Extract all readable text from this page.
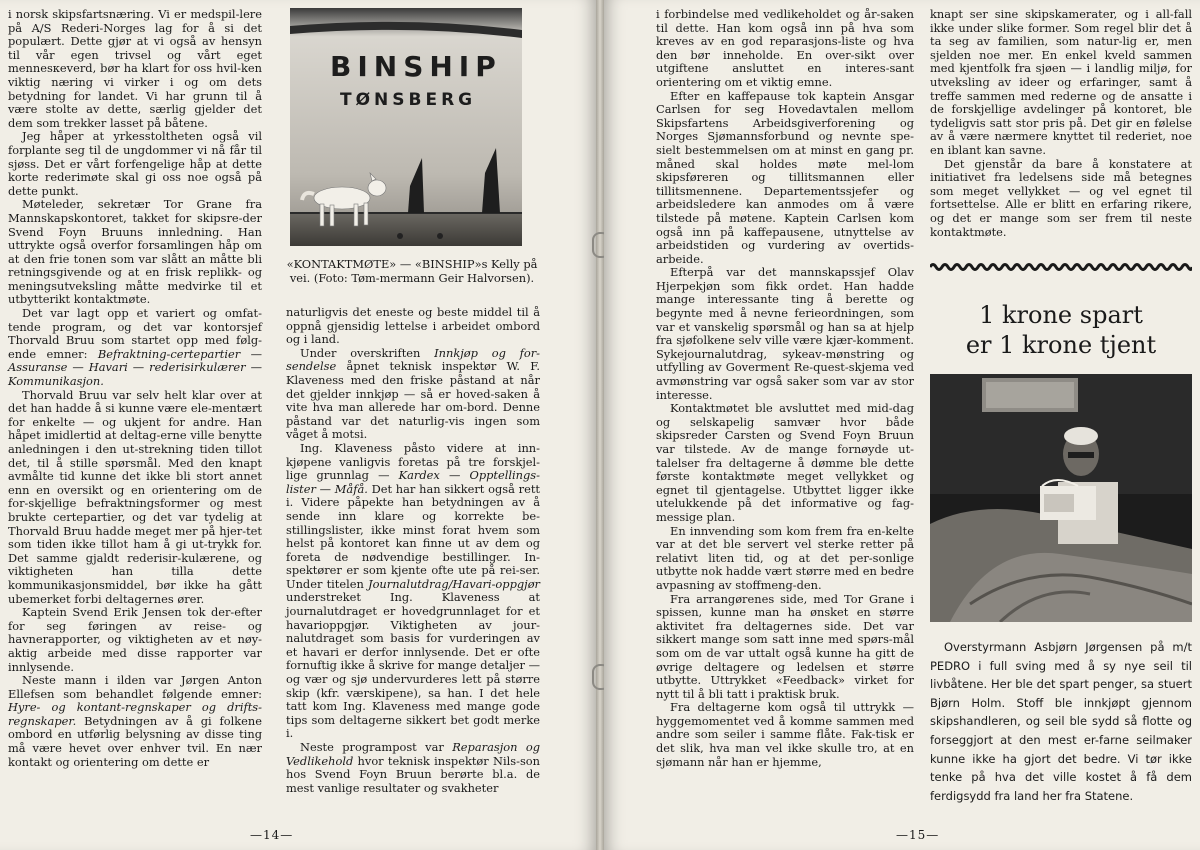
i norsk skipsfartsnæring. Vi er medspil-lere på A/S Rederi-Norges lag for å si det populært. Dette gjør at vi også av hensyn til vår egen trivsel og vårt eget mennesкeverd, bør ha klart for oss hvil-ken viktig næring vi virker i og om dets betydning for landet. Vi har grunn til å være stolte av dette, særlig gjelder det dem som trekker lasset på båtene.

Jeg håper at yrkesstoltheten også vil forplante seg til de ungdommer vi nå får til sjøss. Det er vårt forfengelige håp at dette korte rederimøte skal gi oss noe også på dette punkt.

Møteleder, sekretær Tor Grane fra Mannskapskontoret, takket for skipsre-der Svend Foyn Bruuns innledning. Han uttrykte også overfor forsamlingen håp om at den frie tonen som var slått an måtte bli retningsgivende og at en frisk replikk- og meningsutveksling måtte medvirke til et utbytterikt kontaktmøte.

Det var lagt opp et variert og omfat-tende program, og det var kontorsjef Thorvald Bruu som startet opp med følg-ende emner: Befraktning-certepartier — Assuranse — Havari — rederisirkulærer — Kommunikasjon.

Thorvald Bruu var selv helt klar over at det han hadde å si kunne være ele-mentært for enkelte — og ukjent for andre. Han håpet imidlertid at deltag-erne ville benytte anledningen i den ut-strekning tiden tillot det, til å stille spørsmål. Med den knapt avmålte tid kunne det ikke bli stort annet enn en oversikt og en orientering om de for-skjellige befraktningsformer og mest brukte certepartier, og det var tydelig at Thorvald Bruu hadde meget mer på hjer-tet som tiden ikke tillot ham å gi ut-trykk for. Det samme gjaldt rederisir-kulærene, og viktigheten han tilla dette kommunikasjonsmiddel, bør ikke ha gått ubemerket forbi deltagernes ører.

Kaptein Svend Erik Jensen tok der-efter for seg føringen av reise- og havnerapporter, og viktigheten av et nøy-aktig arbeide med disse rapporter var innlysende.

Neste mann i ilden var Jørgen Anton Ellefsen som behandlet følgende emner: Hyre- og kontant-regnskaper og drifts-regnskaper. Betydningen av å gi folkene ombord en utførlig belysning av disse ting må være hevet over enhver tvil. En nær kontakt og orientering om dette er

BINSHIP
TØNSBERG
«KONTAKTMØTE» — «BINSHIP»s Kelly på vei. (Foto: Tøm-mermann Geir Halvorsen).

naturligvis det eneste og beste middel til å oppnå gjensidig lettelse i arbeidet ombord og i land.

Under overskriften Innkjøp og for-sendelse åpnet teknisk inspektør W. F. Klaveness med den friske påstand at når det gjelder innkjøp — så er hoved-saken å vite hva man allerede har om-bord. Denne påstand var det naturlig-vis ingen som våget å motsi.

Ing. Klaveness påsto videre at inn-kjøpene vanligvis foretas på tre forskjel-lige grunnlag — Kardex — Opptellings-lister — Måfå. Det har han sikkert også rett i. Videre påpekte han betydningen av å sende inn klare og korrekte be-stillingslister, ikke minst forat hvem som helst på kontoret kan finne ut av dem og foreta de nødvendige bestillinger. In-spektører er som kjente ofte ute på rei-ser. Under titelen Journalutdrag/Havari-oppgjør understreket Ing. Klaveness at journalutdraget er hovedgrunnlaget for et havarioppgjør. Viktigheten av jour-nalutdraget som basis for vurderingen av et havari er derfor innlysende. Det er ofte fornuftig ikke å skrive for mange detaljer — og vær og sjø undervurderes lett på større skip (kfr. værskipene), sa han. I det hele tatt kom Ing. Klaveness med mange gode tips som deltagerne sikkert bet godt merke i.

Neste programpost var Reparasjon og Vedlikehold hvor teknisk inspektør Nils-son hos Svend Foyn Bruun berørte bl.a. de mest vanlige resultater og svakheter

—14—

i forbindelse med vedlikeholdet og år-saken til dette. Han kom også inn på hva som kreves av en god reparasjons-liste og hva den bør inneholde. En over-sikt over utgiftene ansluttet en interes-sant orientering om et viktig emne.

Efter en kaffepause tok kaptein Ansgar Carlsen for seg Hovedavtalen mellom Skipsfartens Arbeidsgiverforening og Norges Sjømannsforbund og nevnte spe-sielt bestemmelsen om at minst en gang pr. måned skal holdes møte mel-lom skipsføreren og tillitsmannen eller tillitsmennene. Departementssjefer og arbeidsledere kan anmodes om å være tilstede på møtene. Kaptein Carlsen kom også inn på kaffepausene, utnyttelse av arbeidstiden og vurdering av overtids-arbeide.

Efterpå var det mannskapssjef Olav Hjerpekjøn som fikk ordet. Han hadde mange interessante ting å berette og begynte med å nevne feriеordningen, som var et vanskelig spørsmål og han sa at hjelp fra sjøfolkene selv ville være kjær-komment. Sykejournalutdrag, sykeav-mønstring og utfylling av Goverment Re-quest-skjema ved avmønstring var også saker som var av stor interesse.

Kontaktmøtet ble avsluttet med mid-dag og selskapelig samvær hvor både skipsreder Carsten og Svend Foyn Bruun var tilstede. Av de mange fornøyde ut-talelser fra deltagerne å dømme ble dette første kontaktmøte meget vellykket og egnet til gjentagelse. Utbyttet ligger ikke utelukkende på det informative og fag-messige plan.

En innvending som kom frem fra en-kelte var at det ble servert vel sterke retter på relativt liten tid, og at det per-sonlige utbytte nok hadde vært større med en bedre avpasning av stoffmeng-den.

Fra arrangørenes side, med Tor Grane i spissen, kunne man ha ønsket en større aktivitet fra deltagernes side. Det var sikkert mange som satt inne med spørs-mål som om de var uttalt også kunne ha gitt de øvrige deltagere og ledelsen et større utbytte. Uttrykket «Feedback» virket for nytt til å bli tatt i praktisk bruk.

Fra deltagerne kom også til uttrykk — hyggemomentet ved å komme sammen med andre som seiler i samme flåte. Fak-tisk er det slik, hva man vel ikke skulle tro, at en sjømann når han er hjemme,

knapt ser sine skipskamerater, og i all-fall ikke under slike former. Som regel blir det å ta seg av familien, som natur-lig er, men sjelden noe mer. En enkel kveld sammen med kjentfolk fra sjøen — i landlig miljø, for utveksling av ideer og erfaringer, samt å treffe sammen med rederne og de ansatte i de forskjellige avdelinger på kontoret, ble tydeligvis satt stor pris på. Det gir en følelse av å være nærmere knyttet til rederiet, noe en iblant kan savne.

Det gjenstår da bare å konstatere at initiativet fra ledelsens side må betegnes som meget vellykket — og vel egnet til fortsettelse. Alle er blitt en erfaring rikere, og det er mange som ser frem til neste kontaktmøte.

1 krone spart
er 1 krone tjent
Overstyrmann Asbjørn Jørgensen på m/t PEDRO i full sving med å sy nye seil til livbåtene. Her ble det spart penger, sa stuert Bjørn Holm. Stoff ble innkjøpt gjennom skipshandleren, og seil ble sydd så flotte og forseggjort at den mest er-farne seilmaker kunne ikke ha gjort det bedre. Vi tør ikke tenke på hva det ville kostet å få dem ferdigsydd fra land her fra Statene.
—15—
